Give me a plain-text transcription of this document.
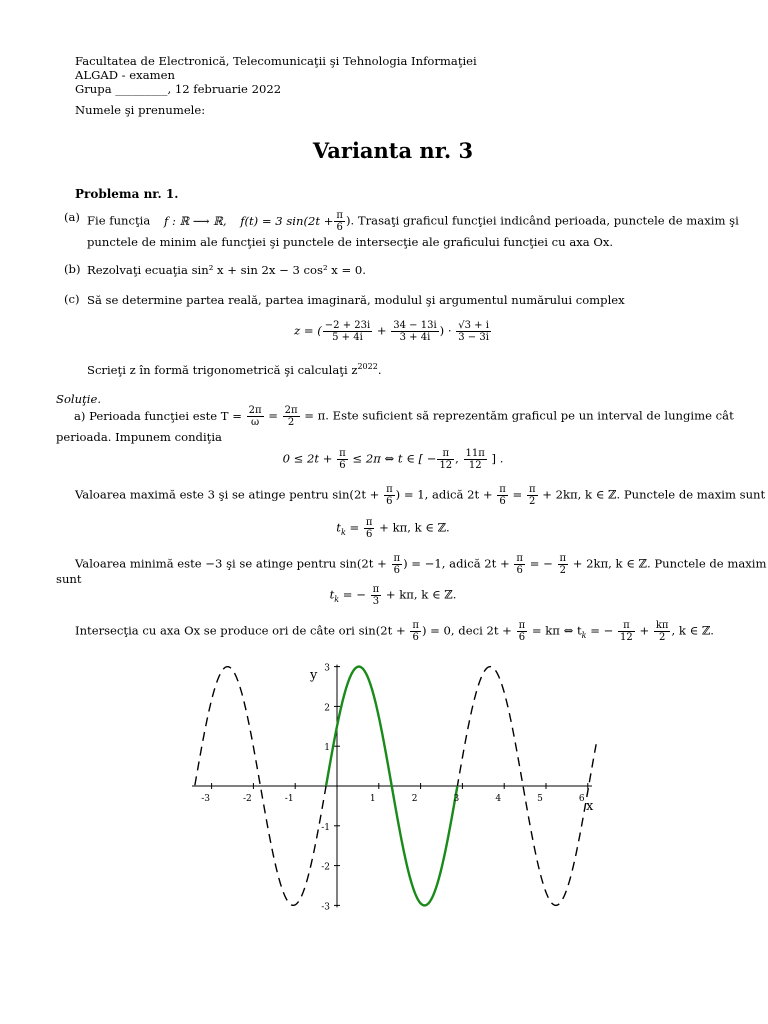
Facultatea de Electronică, Telecomunicaţii şi Tehnologia Informaţiei
ALGAD - examen
Grupa _________, 12 februarie 2022
Numele şi prenumele:
Varianta nr. 3
Problema nr. 1.
(a) Fie funcţia f : ℝ ⟶ ℝ, f(t) = 3 $\sin(2t + \frac{\pi}{6}$ ). Trasaţi graficul funcţiei indicând perioada, punctele de maxim şi
punctele de minim ale funcţiei şi punctele de intersecţie ale graficului funcţiei cu axa Ox.
(b) Rezolvaţi ecuaţia sin² x + sin 2x − 3 cos² x = 0.
(c) Să se determine partea reală, partea imaginară, modulul şi argumentul numărului complex
z = ( $\frac{-2 + 23i}{5 + 4i} + \frac{34 - 13i}{3 + 4i}$ ) · $\frac{√3 + i}{3 - 3i}$
Scrieţi z în formă trigonometrică şi calculaţi $z^{2022}$.
Soluţie.
a) Perioada funcţiei este $T = \frac{2\pi}{\omega} = \frac{2\pi}{2} = \pi$. Este suficient să reprezentăm graficul pe un interval de lungime cât
perioada. Impunem condiţia
$0 \le 2t + \frac{\pi}{6} \le 2\pi$ ⇔ t ∈ [ − $\frac{\pi}{12}$ , $\frac{11\pi}{12}$ ] .
Valoarea maximă este 3 şi se atinge pentru $\sin(2t + \frac{\pi}{6}$ ) = 1, adică $2t + \frac{\pi}{6} = \frac{\pi}{2} + 2k\pi$, k ∈ ℤ. Punctele de maxim sunt
$t_k = \frac{\pi}{6} + k\pi$, k ∈ ℤ.
Valoarea minimă este −3 şi se atinge pentru $\sin(2t + \frac{\pi}{6}$ ) = −1, adică $2t + \frac{\pi}{6}$ = − $\frac{\pi}{2} + 2k\pi$, k ∈ ℤ. Punctele de maxim
sunt
$t_k$ = − $\frac{\pi}{3} + k\pi$, k ∈ ℤ.
Intersecţia cu axa Ox se produce ori de câte ori $\sin(2t + \frac{\pi}{6}$ ) = 0, deci $2t + \frac{\pi}{6} = k\pi$ ⇔ $t_k$ = − $\frac{\pi}{12} + \frac{k\pi}{2}$ , k ∈ ℤ.
-3	-2	-1	1	2	3	4	5	6
3
2
1
-1
-2
-3
x
y
